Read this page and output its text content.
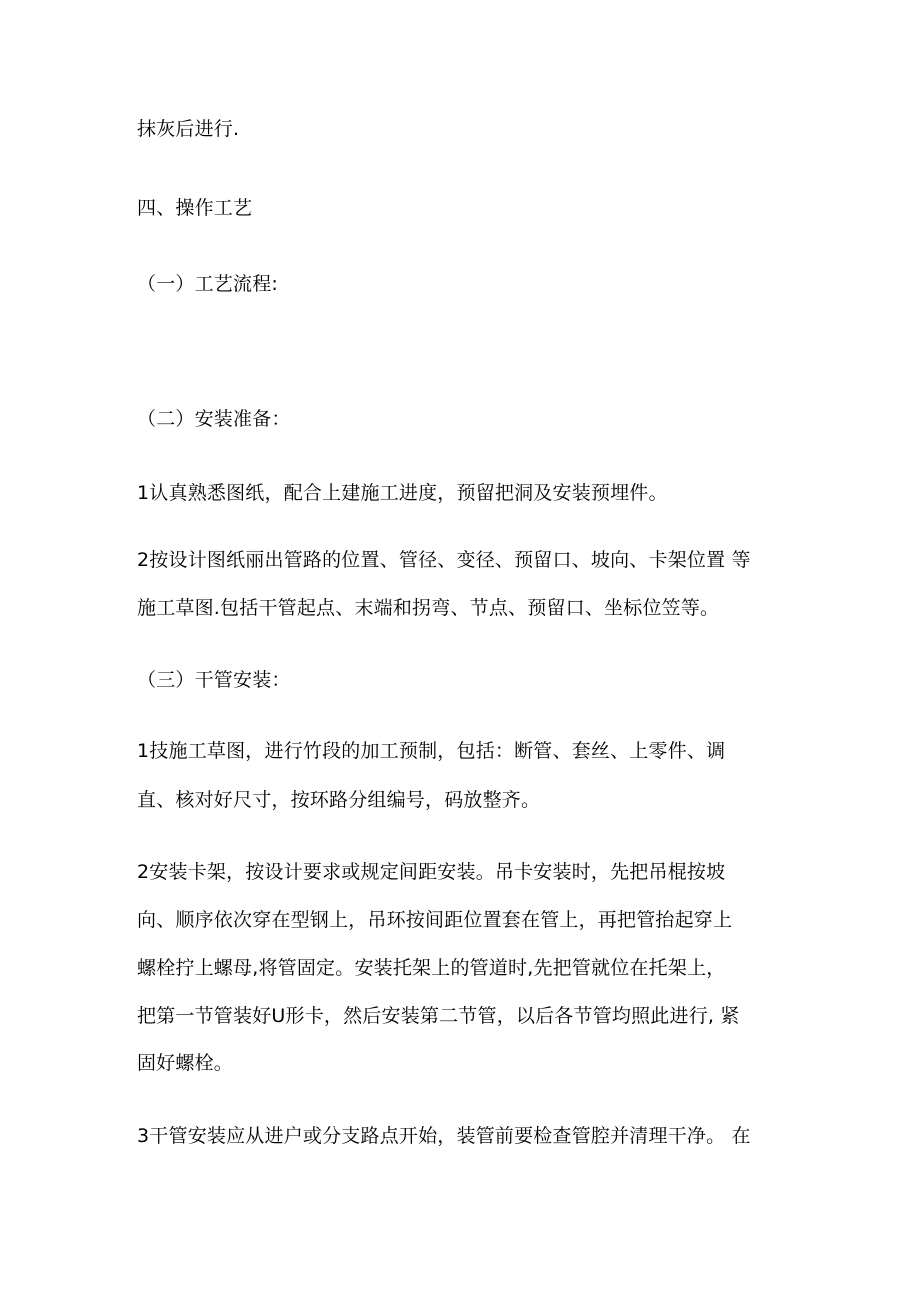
抹灰后进行.

四、操作工艺

（一）工艺流程:

（二）安装准备：

1认真熟悉图纸，配合上建施工进度，预留把洞及安装预埋件。

2按设计图纸丽出管路的位置、管径、变径、预留口、坡向、卡架位置 等

施工草图.包括干管起点、末端和拐弯、节点、预留口、坐标位笠等。

（三）干管安装：

1技施工草图，进行竹段的加工预制，包括：断管、套丝、上零件、调

直、核对好尺寸，按环路分组编号，码放整齐。

2安装卡架，按设计要求或规定间距安装。吊卡安装时，先把吊棍按坡

向、顺序依次穿在型钢上，吊环按间距位置套在管上，再把管抬起穿上

螺栓拧上螺母,将管固定。安装托架上的管道时,先把管就位在托架上，

把第一节管装好U形卡，然后安装第二节管，以后各节管均照此进行, 紧

固好螺栓。

3干管安装应从进户或分支路点开始，装管前要检查管腔并清理干净。 在
